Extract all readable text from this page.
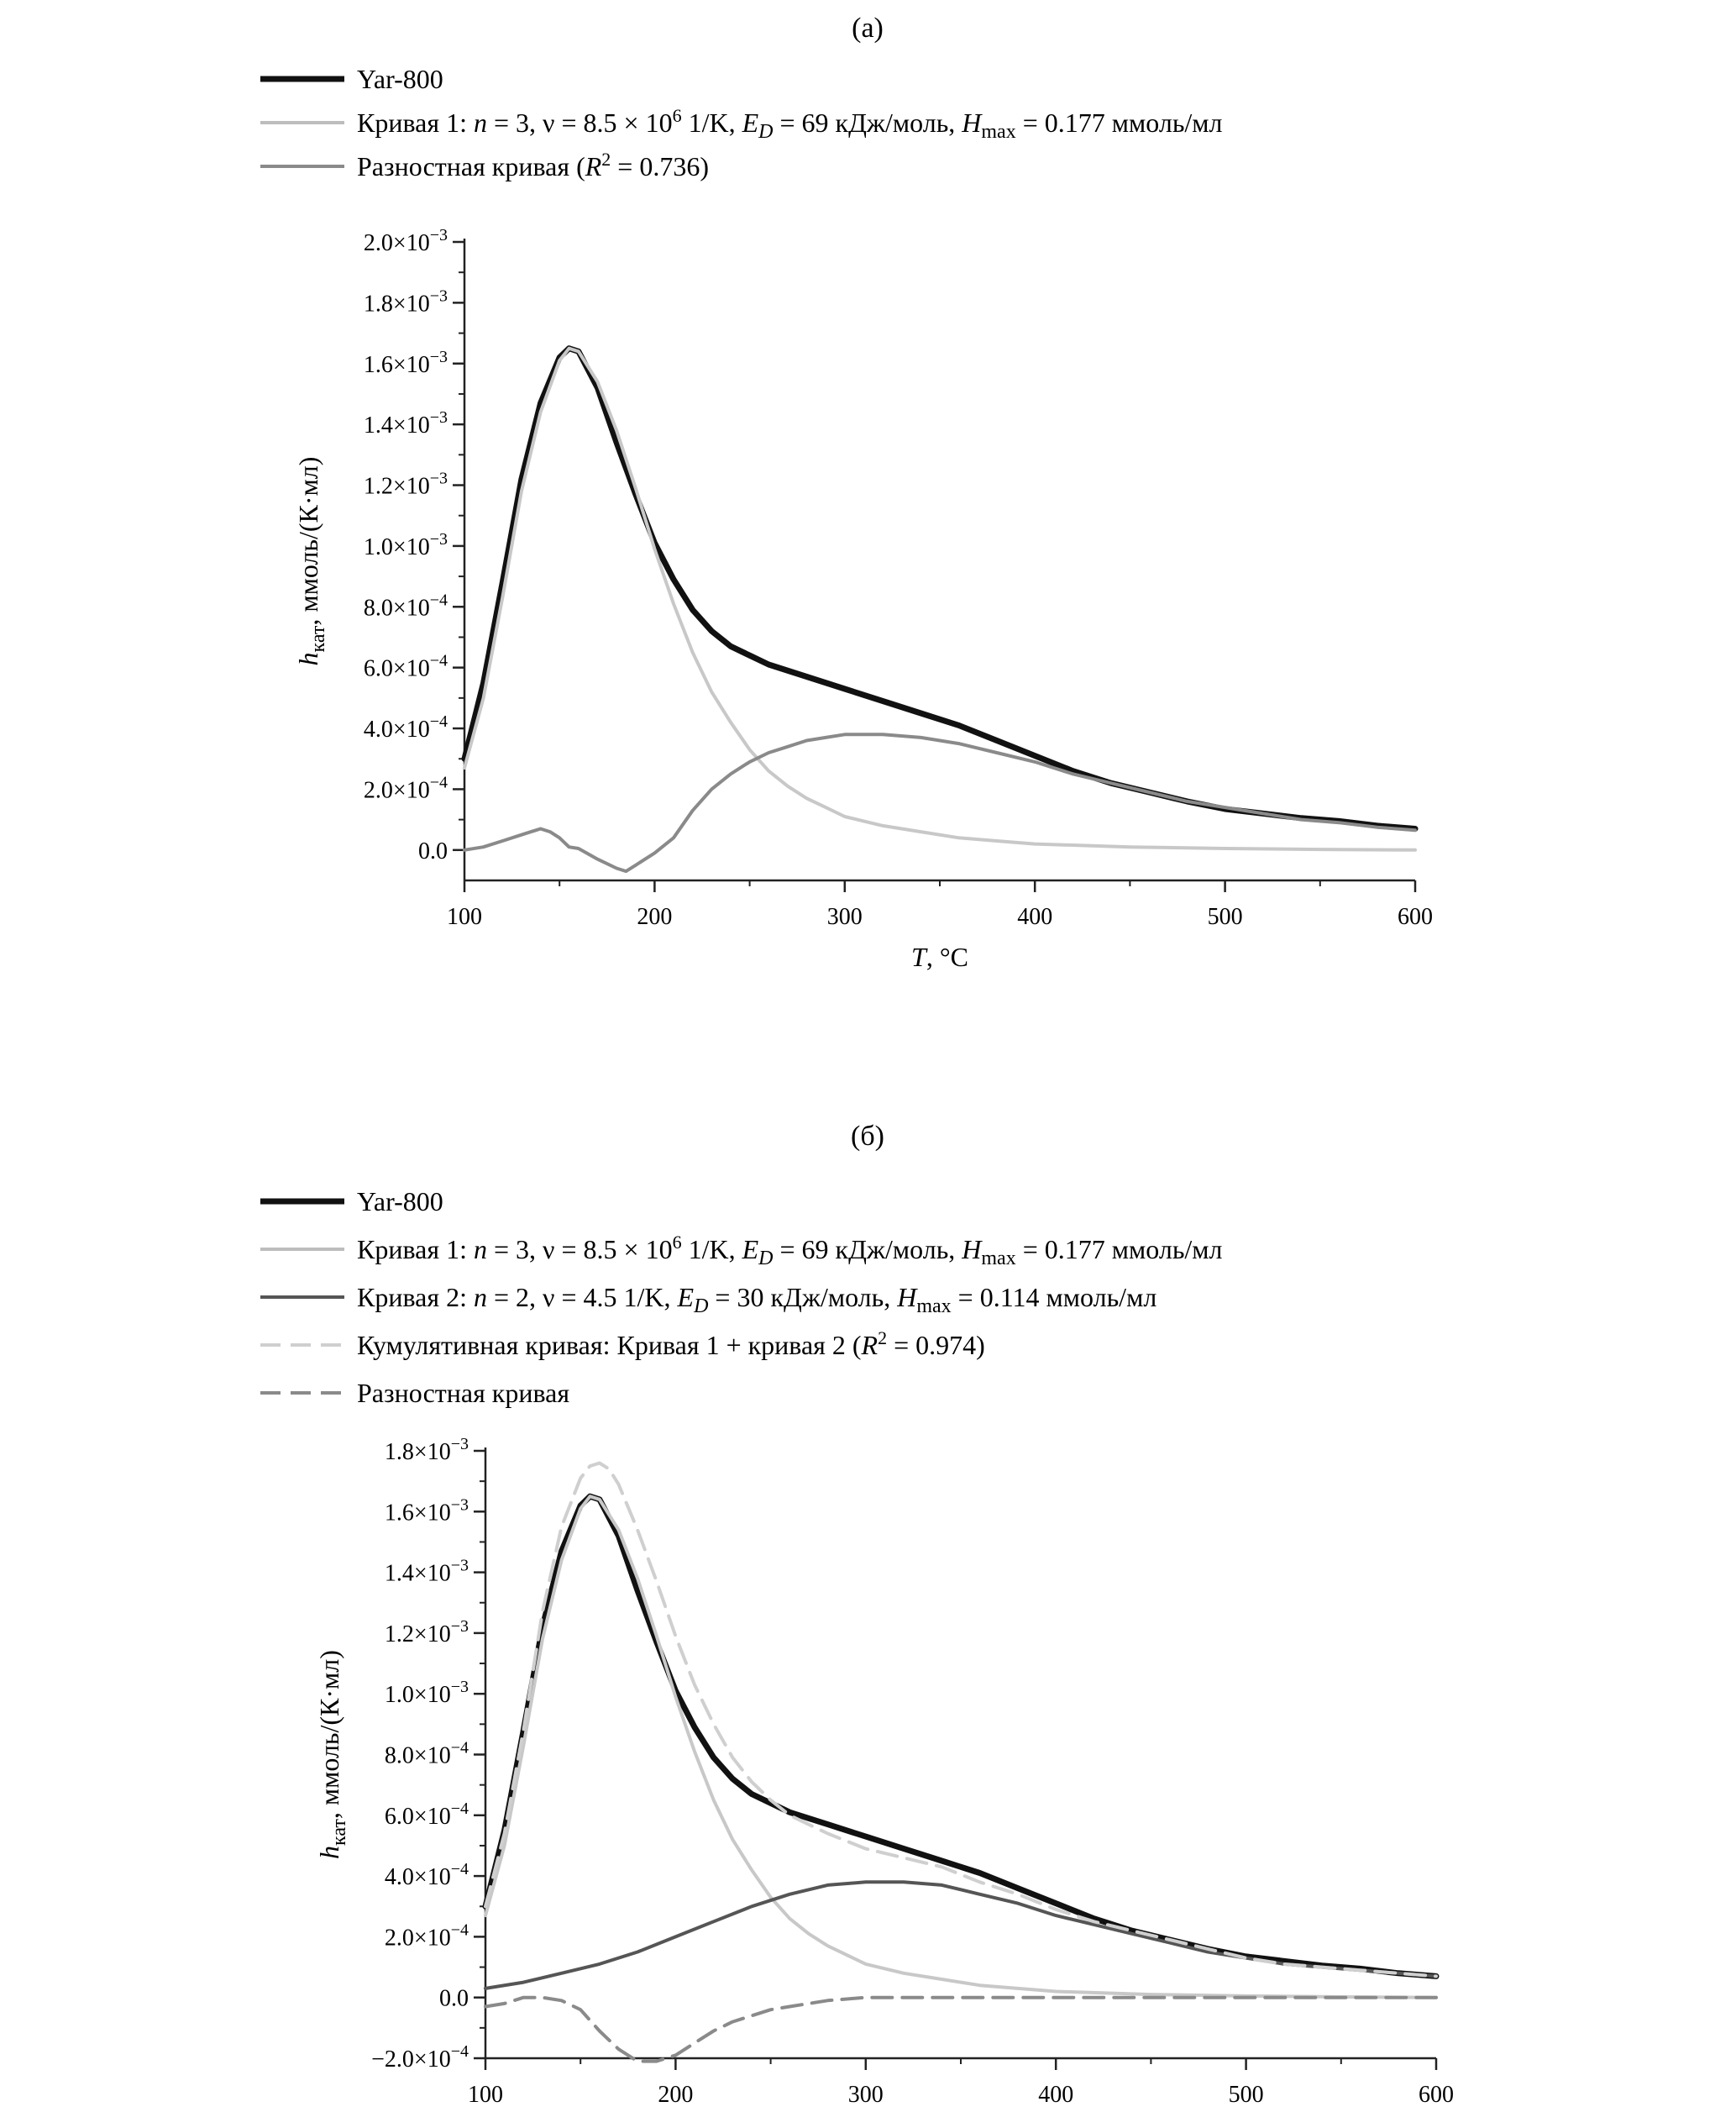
(а)
Yar-800
Кривая 1: n = 3, ν = 8.5 × 106 1/K, ED = 69 кДж/моль, Hmax = 0.177 ммоль/мл
Разностная кривая (R2 = 0.736)
2.0×10−3
1.8×10−3
1.6×10−3
1.4×10−3
1.2×10−3
1.0×10−3
8.0×10−4
6.0×10−4
4.0×10−4
2.0×10−4
0.0
100	200	300	400	500	600
T, °C
hкат, ммоль/(К·мл)
(б)
Yar-800
Кривая 1: n = 3, ν = 8.5 × 106 1/K, ED = 69 кДж/моль, Hmax = 0.177 ммоль/мл
Кривая 2: n = 2, ν = 4.5 1/K, ED = 30 кДж/моль, Hmax = 0.114 ммоль/мл
Кумулятивная кривая: Кривая 1 + кривая 2 (R2 = 0.974)
Разностная кривая
1.8×10−3
1.6×10−3
1.4×10−3
1.2×10−3
1.0×10−3
8.0×10−4
6.0×10−4
4.0×10−4
2.0×10−4
0.0
−2.0×10−4
100	200	300	400	500	600
hкат, ммоль/(К·мл)
